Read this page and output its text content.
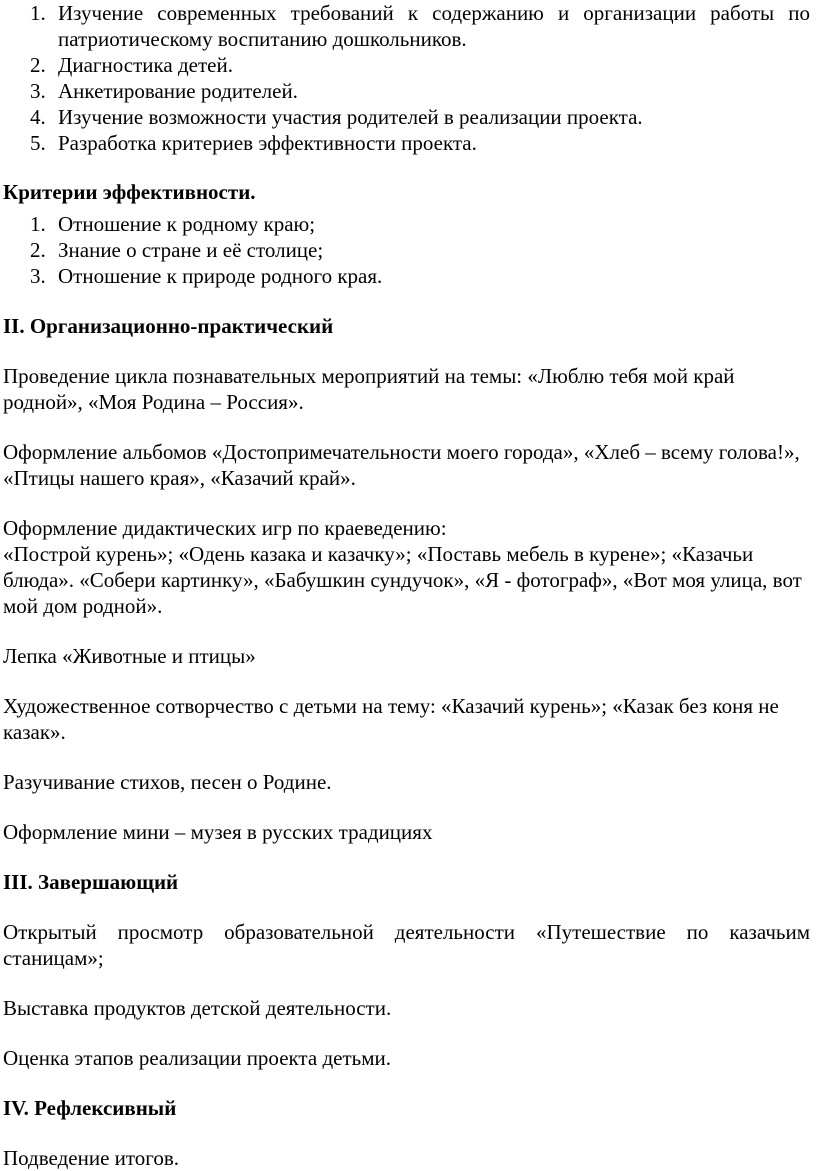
1. Изучение современных требований к содержанию и организации работы по патриотическому воспитанию дошкольников.
2. Диагностика детей.
3. Анкетирование родителей.
4. Изучение возможности участия родителей в реализации проекта.
5. Разработка критериев эффективности проекта.
Критерии эффективности.
1. Отношение к родному краю;
2. Знание о стране и её столице;
3. Отношение к природе родного края.
II. Организационно-практический

Проведение цикла познавательных мероприятий на темы: «Люблю тебя мой край родной», «Моя Родина – Россия».

Оформление альбомов «Достопримечательности моего города», «Хлеб – всему голова!», «Птицы нашего края», «Казачий край».

Оформление дидактических игр по краеведению:

«Построй курень»; «Одень казака и казачку»; «Поставь мебель в курене»; «Казачьи блюда». «Собери картинку», «Бабушкин сундучок», «Я - фотограф», «Вот моя улица, вот мой дом родной».

Лепка «Животные и птицы»

Художественное сотворчество с детьми на тему: «Казачий курень»; «Казак без коня не казак».

Разучивание стихов, песен о Родине.

Оформление мини – музея в русских традициях

III. Завершающий

Открытый просмотр образовательной деятельности «Путешествие по казачьим станицам»;

Выставка продуктов детской деятельности.

Оценка этапов реализации проекта детьми.

IV. Рефлексивный

Подведение итогов.
